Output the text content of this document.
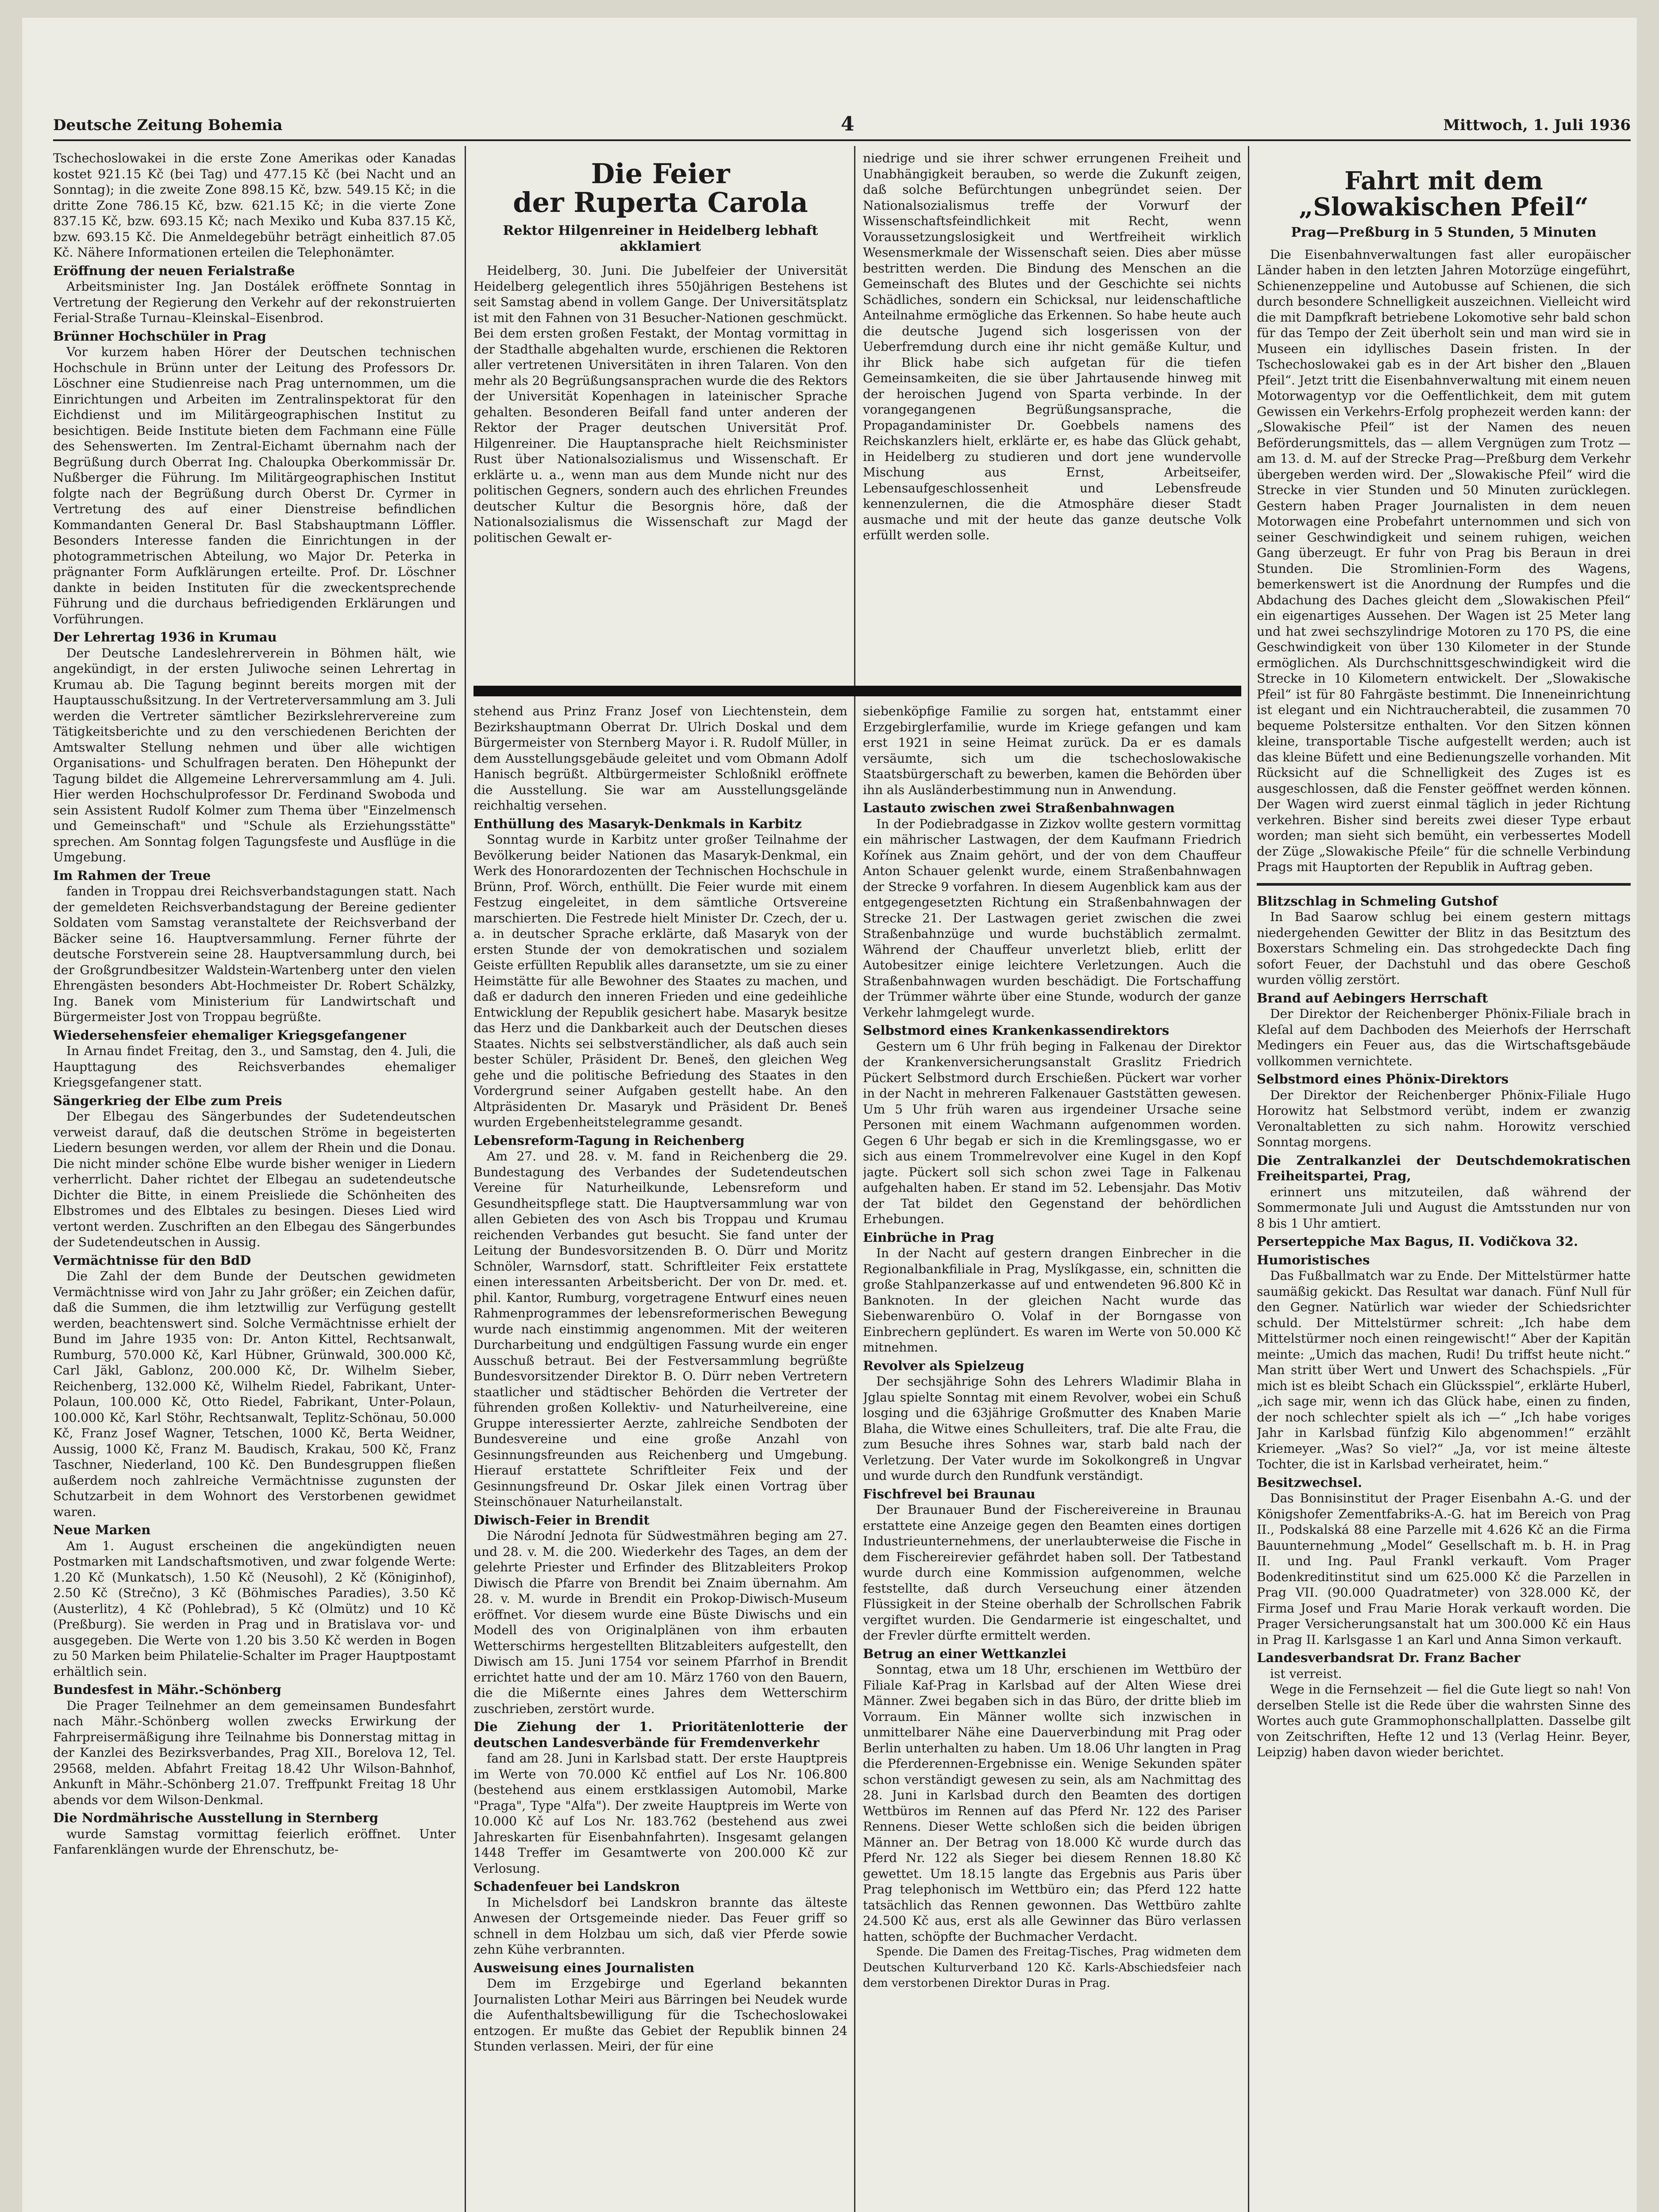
Deutsche Zeitung Bohemia	4	Mittwoch, 1. Juli 1936

Tschechoslowakei in die erste Zone Amerikas oder Kanadas kostet 921.15 Kč (bei Tag) und 477.15 Kč (bei Nacht und an Sonntag); in die zweite Zone 898.15 Kč, bzw. 549.15 Kč; in die dritte Zone 786.15 Kč, bzw. 621.15 Kč; in die vierte Zone 837.15 Kč, bzw. 693.15 Kč; nach Mexiko und Kuba 837.15 Kč, bzw. 693.15 Kč. Die Anmeldegebühr beträgt einheitlich 87.05 Kč. Nähere Informationen erteilen die Telephonämter.

Eröffnung der neuen Ferialstraße

Arbeitsminister Ing. Jan Dostálek eröffnete Sonntag in Vertretung der Regierung den Verkehr auf der rekonstruierten Ferial-Straße Turnau–Kleinskal–Eisenbrod.

Brünner Hochschüler in Prag

Vor kurzem haben Hörer der Deutschen technischen Hochschule in Brünn unter der Leitung des Professors Dr. Löschner eine Studienreise nach Prag unternommen, um die Einrichtungen und Arbeiten im Zentralinspektorat für den Eichdienst und im Militärgeographischen Institut zu besichtigen. Beide Institute bieten dem Fachmann eine Fülle des Sehenswerten. Im Zentral-Eichamt übernahm nach der Begrüßung durch Oberrat Ing. Chaloupka Oberkommissär Dr. Nußberger die Führung. Im Militärgeographischen Institut folgte nach der Begrüßung durch Oberst Dr. Cyrmer in Vertretung des auf einer Dienstreise befindlichen Kommandanten General Dr. Basl Stabshauptmann Löffler. Besonders Interesse fanden die Einrichtungen in der photogrammetrischen Abteilung, wo Major Dr. Peterka in prägnanter Form Aufklärungen erteilte. Prof. Dr. Löschner dankte in beiden Instituten für die zweckentsprechende Führung und die durchaus befriedigenden Erklärungen und Vorführungen.

Der Lehrertag 1936 in Krumau

Der Deutsche Landeslehrerverein in Böhmen hält, wie angekündigt, in der ersten Juliwoche seinen Lehrertag in Krumau ab. Die Tagung beginnt bereits morgen mit der Hauptausschußsitzung. In der Vertreterversammlung am 3. Juli werden die Vertreter sämtlicher Bezirkslehrervereine zum Tätigkeitsberichte und zu den verschiedenen Berichten der Amtswalter Stellung nehmen und über alle wichtigen Organisations- und Schulfragen beraten. Den Höhepunkt der Tagung bildet die Allgemeine Lehrerversammlung am 4. Juli. Hier werden Hochschulprofessor Dr. Ferdinand Swoboda und sein Assistent Rudolf Kolmer zum Thema über "Einzelmensch und Gemeinschaft" und "Schule als Erziehungsstätte" sprechen. Am Sonntag folgen Tagungsfeste und Ausflüge in die Umgebung.

Im Rahmen der Treue

fanden in Troppau drei Reichsverbandstagungen statt. Nach der gemeldeten Reichsverbandstagung der Bereine gedienter Soldaten vom Samstag veranstaltete der Reichsverband der Bäcker seine 16. Hauptversammlung. Ferner führte der deutsche Forstverein seine 28. Hauptversammlung durch, bei der Großgrundbesitzer Waldstein-Wartenberg unter den vielen Ehrengästen besonders Abt-Hochmeister Dr. Robert Schälzky, Ing. Banek vom Ministerium für Landwirtschaft und Bürgermeister Jost von Troppau begrüßte.

Wiedersehensfeier ehemaliger Kriegsgefangener

In Arnau findet Freitag, den 3., und Samstag, den 4. Juli, die Haupttagung des Reichsverbandes ehemaliger Kriegsgefangener statt.

Sängerkrieg der Elbe zum Preis

Der Elbegau des Sängerbundes der Sudetendeutschen verweist darauf, daß die deutschen Ströme in begeisterten Liedern besungen werden, vor allem der Rhein und die Donau. Die nicht minder schöne Elbe wurde bisher weniger in Liedern verherrlicht. Daher richtet der Elbegau an sudetendeutsche Dichter die Bitte, in einem Preisliede die Schönheiten des Elbstromes und des Elbtales zu besingen. Dieses Lied wird vertont werden. Zuschriften an den Elbegau des Sängerbundes der Sudetendeutschen in Aussig.

Vermächtnisse für den BdD

Die Zahl der dem Bunde der Deutschen gewidmeten Vermächtnisse wird von Jahr zu Jahr größer; ein Zeichen dafür, daß die Summen, die ihm letztwillig zur Verfügung gestellt werden, beachtenswert sind. Solche Vermächtnisse erhielt der Bund im Jahre 1935 von: Dr. Anton Kittel, Rechtsanwalt, Rumburg, 570.000 Kč, Karl Hübner, Grünwald, 300.000 Kč, Carl Jäkl, Gablonz, 200.000 Kč, Dr. Wilhelm Sieber, Reichenberg, 132.000 Kč, Wilhelm Riedel, Fabrikant, Unter-Polaun, 100.000 Kč, Otto Riedel, Fabrikant, Unter-Polaun, 100.000 Kč, Karl Stöhr, Rechtsanwalt, Teplitz-Schönau, 50.000 Kč, Franz Josef Wagner, Tetschen, 1000 Kč, Berta Weidner, Aussig, 1000 Kč, Franz M. Baudisch, Krakau, 500 Kč, Franz Taschner, Niederland, 100 Kč. Den Bundesgruppen fließen außerdem noch zahlreiche Vermächtnisse zugunsten der Schutzarbeit in dem Wohnort des Verstorbenen gewidmet waren.

Neue Marken

Am 1. August erscheinen die angekündigten neuen Postmarken mit Landschaftsmotiven, und zwar folgende Werte: 1.20 Kč (Munkatsch), 1.50 Kč (Neusohl), 2 Kč (Königinhof), 2.50 Kč (Strečno), 3 Kč (Böhmisches Paradies), 3.50 Kč (Austerlitz), 4 Kč (Pohlebrad), 5 Kč (Olmütz) und 10 Kč (Preßburg). Sie werden in Prag und in Bratislava vor- und ausgegeben. Die Werte von 1.20 bis 3.50 Kč werden in Bogen zu 50 Marken beim Philatelie-Schalter im Prager Hauptpostamt erhältlich sein.

Bundesfest in Mähr.-Schönberg

Die Prager Teilnehmer an dem gemeinsamen Bundesfahrt nach Mähr.-Schönberg wollen zwecks Erwirkung der Fahrpreisermäßigung ihre Teilnahme bis Donnerstag mittag in der Kanzlei des Bezirksverbandes, Prag XII., Borelova 12, Tel. 29568, melden. Abfahrt Freitag 18.42 Uhr Wilson-Bahnhof, Ankunft in Mähr.-Schönberg 21.07. Treffpunkt Freitag 18 Uhr abends vor dem Wilson-Denkmal.

Die Nordmährische Ausstellung in Sternberg

wurde Samstag vormittag feierlich eröffnet. Unter Fanfarenklängen wurde der Ehrenschutz, be-

Die Feier
der Ruperta Carola
Rektor Hilgenreiner in Heidelberg lebhaft akklamiert

Heidelberg, 30. Juni. Die Jubelfeier der Universität Heidelberg gelegentlich ihres 550jährigen Bestehens ist seit Samstag abend in vollem Gange. Der Universitätsplatz ist mit den Fahnen von 31 Besucher-Nationen geschmückt. Bei dem ersten großen Festakt, der Montag vormittag in der Stadthalle abgehalten wurde, erschienen die Rektoren aller vertretenen Universitäten in ihren Talaren. Von den mehr als 20 Begrüßungsansprachen wurde die des Rektors der Universität Kopenhagen in lateinischer Sprache gehalten. Besonderen Beifall fand unter anderen der Rektor der Prager deutschen Universität Prof. Hilgenreiner. Die Hauptansprache hielt Reichsminister Rust über Nationalsozialismus und Wissenschaft. Er erklärte u. a., wenn man aus dem Munde nicht nur des politischen Gegners, sondern auch des ehrlichen Freundes deutscher Kultur die Besorgnis höre, daß der Nationalsozialismus die Wissenschaft zur Magd der politischen Gewalt er-

niedrige und sie ihrer schwer errungenen Freiheit und Unabhängigkeit berauben, so werde die Zukunft zeigen, daß solche Befürchtungen unbegründet seien. Der Nationalsozialismus treffe der Vorwurf der Wissenschaftsfeindlichkeit mit Recht, wenn Voraussetzungslosigkeit und Wertfreiheit wirklich Wesensmerkmale der Wissenschaft seien. Dies aber müsse bestritten werden. Die Bindung des Menschen an die Gemeinschaft des Blutes und der Geschichte sei nichts Schädliches, sondern ein Schicksal, nur leidenschaftliche Anteilnahme ermögliche das Erkennen. So habe heute auch die deutsche Jugend sich losgerissen von der Ueberfremdung durch eine ihr nicht gemäße Kultur, und ihr Blick habe sich aufgetan für die tiefen Gemeinsamkeiten, die sie über Jahrtausende hinweg mit der heroischen Jugend von Sparta verbinde. In der vorangegangenen Begrüßungsansprache, die Propagandaminister Dr. Goebbels namens des Reichskanzlers hielt, erklärte er, es habe das Glück gehabt, in Heidelberg zu studieren und dort jene wundervolle Mischung aus Ernst, Arbeitseifer, Lebensaufgeschlossenheit und Lebensfreude kennenzulernen, die die Atmosphäre dieser Stadt ausmache und mit der heute das ganze deutsche Volk erfüllt werden solle.

stehend aus Prinz Franz Josef von Liechtenstein, dem Bezirkshauptmann Oberrat Dr. Ulrich Doskal und dem Bürgermeister von Sternberg Mayor i. R. Rudolf Müller, in dem Ausstellungsgebäude geleitet und vom Obmann Adolf Hanisch begrüßt. Altbürgermeister Schloßnikl eröffnete die Ausstellung. Sie war am Ausstellungsgelände reichhaltig versehen.

Enthüllung des Masaryk-Denkmals in Karbitz

Sonntag wurde in Karbitz unter großer Teilnahme der Bevölkerung beider Nationen das Masaryk-Denkmal, ein Werk des Honorardozenten der Technischen Hochschule in Brünn, Prof. Wörch, enthüllt. Die Feier wurde mit einem Festzug eingeleitet, in dem sämtliche Ortsvereine marschierten. Die Festrede hielt Minister Dr. Czech, der u. a. in deutscher Sprache erklärte, daß Masaryk von der ersten Stunde der von demokratischen und sozialem Geiste erfüllten Republik alles daransetzte, um sie zu einer Heimstätte für alle Bewohner des Staates zu machen, und daß er dadurch den inneren Frieden und eine gedeihliche Entwicklung der Republik gesichert habe. Masaryk besitze das Herz und die Dankbarkeit auch der Deutschen dieses Staates. Nichts sei selbstverständlicher, als daß auch sein bester Schüler, Präsident Dr. Beneš, den gleichen Weg gehe und die politische Befriedung des Staates in den Vordergrund seiner Aufgaben gestellt habe. An den Altpräsidenten Dr. Masaryk und Präsident Dr. Beneš wurden Ergebenheitstelegramme gesandt.

Lebensreform-Tagung in Reichenberg

Am 27. und 28. v. M. fand in Reichenberg die 29. Bundestagung des Verbandes der Sudetendeutschen Vereine für Naturheilkunde, Lebensreform und Gesundheitspflege statt. Die Hauptversammlung war von allen Gebieten des von Asch bis Troppau und Krumau reichenden Verbandes gut besucht. Sie fand unter der Leitung der Bundesvorsitzenden B. O. Dürr und Moritz Schnöler, Warnsdorf, statt. Schriftleiter Feix erstattete einen interessanten Arbeitsbericht. Der von Dr. med. et. phil. Kantor, Rumburg, vorgetragene Entwurf eines neuen Rahmenprogrammes der lebensreformerischen Bewegung wurde nach einstimmig angenommen. Mit der weiteren Durcharbeitung und endgültigen Fassung wurde ein enger Ausschuß betraut. Bei der Festversammlung begrüßte Bundesvorsitzender Direktor B. O. Dürr neben Vertretern staatlicher und städtischer Behörden die Vertreter der führenden großen Kollektiv- und Naturheilvereine, eine Gruppe interessierter Aerzte, zahlreiche Sendboten der Bundesvereine und eine große Anzahl von Gesinnungsfreunden aus Reichenberg und Umgebung. Hierauf erstattete Schriftleiter Feix und der Gesinnungsfreund Dr. Oskar Jilek einen Vortrag über Steinschönauer Naturheilanstalt.

Diwisch-Feier in Brendit

Die Národní Jednota für Südwestmähren beging am 27. und 28. v. M. die 200. Wiederkehr des Tages, an dem der gelehrte Priester und Erfinder des Blitzableiters Prokop Diwisch die Pfarre von Brendit bei Znaim übernahm. Am 28. v. M. wurde in Brendit ein Prokop-Diwisch-Museum eröffnet. Vor diesem wurde eine Büste Diwischs und ein Modell des von Originalplänen von ihm erbauten Wetterschirms hergestellten Blitzableiters aufgestellt, den Diwisch am 15. Juni 1754 vor seinem Pfarrhof in Brendit errichtet hatte und der am 10. März 1760 von den Bauern, die die Mißernte eines Jahres dem Wetterschirm zuschrieben, zerstört wurde.

Die Ziehung der 1. Prioritätenlotterie der deutschen Landesverbände für Fremdenverkehr

fand am 28. Juni in Karlsbad statt. Der erste Hauptpreis im Werte von 70.000 Kč entfiel auf Los Nr. 106.800 (bestehend aus einem erstklassigen Automobil, Marke "Praga", Type "Alfa"). Der zweite Hauptpreis im Werte von 10.000 Kč auf Los Nr. 183.762 (bestehend aus zwei Jahreskarten für Eisenbahnfahrten). Insgesamt gelangen 1448 Treffer im Gesamtwerte von 200.000 Kč zur Verlosung.

Schadenfeuer bei Landskron

In Michelsdorf bei Landskron brannte das älteste Anwesen der Ortsgemeinde nieder. Das Feuer griff so schnell in dem Holzbau um sich, daß vier Pferde sowie zehn Kühe verbrannten.

Ausweisung eines Journalisten

Dem im Erzgebirge und Egerland bekannten Journalisten Lothar Meiri aus Bärringen bei Neudek wurde die Aufenthaltsbewilligung für die Tschechoslowakei entzogen. Er mußte das Gebiet der Republik binnen 24 Stunden verlassen. Meiri, der für eine

siebenköpfige Familie zu sorgen hat, entstammt einer Erzgebirglerfamilie, wurde im Kriege gefangen und kam erst 1921 in seine Heimat zurück. Da er es damals versäumte, sich um die tschechoslowakische Staatsbürgerschaft zu bewerben, kamen die Behörden über ihn als Ausländerbestimmung nun in Anwendung.

Lastauto zwischen zwei Straßenbahnwagen

In der Podiebradgasse in Zizkov wollte gestern vormittag ein mährischer Lastwagen, der dem Kaufmann Friedrich Kořínek aus Znaim gehört, und der von dem Chauffeur Anton Schauer gelenkt wurde, einem Straßenbahnwagen der Strecke 9 vorfahren. In diesem Augenblick kam aus der entgegengesetzten Richtung ein Straßenbahnwagen der Strecke 21. Der Lastwagen geriet zwischen die zwei Straßenbahnzüge und wurde buchstäblich zermalmt. Während der Chauffeur unverletzt blieb, erlitt der Autobesitzer einige leichtere Verletzungen. Auch die Straßenbahnwagen wurden beschädigt. Die Fortschaffung der Trümmer währte über eine Stunde, wodurch der ganze Verkehr lahmgelegt wurde.

Selbstmord eines Krankenkassendirektors

Gestern um 6 Uhr früh beging in Falkenau der Direktor der Krankenversicherungsanstalt Graslitz Friedrich Pückert Selbstmord durch Erschießen. Pückert war vorher in der Nacht in mehreren Falkenauer Gaststätten gewesen. Um 5 Uhr früh waren aus irgendeiner Ursache seine Personen mit einem Wachmann aufgenommen worden. Gegen 6 Uhr begab er sich in die Kremlingsgasse, wo er sich aus einem Trommelrevolver eine Kugel in den Kopf jagte. Pückert soll sich schon zwei Tage in Falkenau aufgehalten haben. Er stand im 52. Lebensjahr. Das Motiv der Tat bildet den Gegenstand der behördlichen Erhebungen.

Einbrüche in Prag

In der Nacht auf gestern drangen Einbrecher in die Regionalbankfiliale in Prag, Myslíkgasse, ein, schnitten die große Stahlpanzerkasse auf und entwendeten 96.800 Kč in Banknoten. In der gleichen Nacht wurde das Siebenwarenbüro O. Volaf in der Borngasse von Einbrechern geplündert. Es waren im Werte von 50.000 Kč mitnehmen.

Revolver als Spielzeug

Der sechsjährige Sohn des Lehrers Wladimir Blaha in Jglau spielte Sonntag mit einem Revolver, wobei ein Schuß losging und die 63jährige Großmutter des Knaben Marie Blaha, die Witwe eines Schulleiters, traf. Die alte Frau, die zum Besuche ihres Sohnes war, starb bald nach der Verletzung. Der Vater wurde im Sokolkongreß in Ungvar und wurde durch den Rundfunk verständigt.

Fischfrevel bei Braunau

Der Braunauer Bund der Fischereivereine in Braunau erstattete eine Anzeige gegen den Beamten eines dortigen Industrieunternehmens, der unerlaubterweise die Fische in dem Fischereirevier gefährdet haben soll. Der Tatbestand wurde durch eine Kommission aufgenommen, welche feststellte, daß durch Verseuchung einer ätzenden Flüssigkeit in der Steine oberhalb der Schrollschen Fabrik vergiftet wurden. Die Gendarmerie ist eingeschaltet, und der Frevler dürfte ermittelt werden.

Betrug an einer Wettkanzlei

Sonntag, etwa um 18 Uhr, erschienen im Wettbüro der Filiale Kaf-Prag in Karlsbad auf der Alten Wiese drei Männer. Zwei begaben sich in das Büro, der dritte blieb im Vorraum. Ein Männer wollte sich inzwischen in unmittelbarer Nähe eine Dauerverbindung mit Prag oder Berlin unterhalten zu haben. Um 18.06 Uhr langten in Prag die Pferderennen-Ergebnisse ein. Wenige Sekunden später schon verständigt gewesen zu sein, als am Nachmittag des 28. Juni in Karlsbad durch den Beamten des dortigen Wettbüros im Rennen auf das Pferd Nr. 122 des Pariser Rennens. Dieser Wette schloßen sich die beiden übrigen Männer an. Der Betrag von 18.000 Kč wurde durch das Pferd Nr. 122 als Sieger bei diesem Rennen 18.80 Kč gewettet. Um 18.15 langte das Ergebnis aus Paris über Prag telephonisch im Wettbüro ein; das Pferd 122 hatte tatsächlich das Rennen gewonnen. Das Wettbüro zahlte 24.500 Kč aus, erst als alle Gewinner das Büro verlassen hatten, schöpfte der Buchmacher Verdacht.

Spende. Die Damen des Freitag-Tisches, Prag widmeten dem Deutschen Kulturverband 120 Kč. Karls-Abschiedsfeier nach dem verstorbenen Direktor Duras in Prag.

Fahrt mit dem
„Slowakischen Pfeil“
Prag—Preßburg in 5 Stunden, 5 Minuten

Die Eisenbahnverwaltungen fast aller europäischer Länder haben in den letzten Jahren Motorzüge eingeführt, Schienenzeppeline und Autobusse auf Schienen, die sich durch besondere Schnelligkeit auszeichnen. Vielleicht wird die mit Dampfkraft betriebene Lokomotive sehr bald schon für das Tempo der Zeit überholt sein und man wird sie in Museen ein idyllisches Dasein fristen. In der Tschechoslowakei gab es in der Art bisher den „Blauen Pfeil“. Jetzt tritt die Eisenbahnverwaltung mit einem neuen Motorwagentyp vor die Oeffentlichkeit, dem mit gutem Gewissen ein Verkehrs-Erfolg prophezeit werden kann: der „Slowakische Pfeil“ ist der Namen des neuen Beförderungsmittels, das — allem Vergnügen zum Trotz — am 13. d. M. auf der Strecke Prag—Preßburg dem Verkehr übergeben werden wird. Der „Slowakische Pfeil“ wird die Strecke in vier Stunden und 50 Minuten zurücklegen. Gestern haben Prager Journalisten in dem neuen Motorwagen eine Probefahrt unternommen und sich von seiner Geschwindigkeit und seinem ruhigen, weichen Gang überzeugt. Er fuhr von Prag bis Beraun in drei Stunden. Die Stromlinien-Form des Wagens, bemerkenswert ist die Anordnung der Rumpfes und die Abdachung des Daches gleicht dem „Slowakischen Pfeil“ ein eigenartiges Aussehen. Der Wagen ist 25 Meter lang und hat zwei sechszylindrige Motoren zu 170 PS, die eine Geschwindigkeit von über 130 Kilometer in der Stunde ermöglichen. Als Durchschnittsgeschwindigkeit wird die Strecke in 10 Kilometern entwickelt. Der „Slowakische Pfeil“ ist für 80 Fahrgäste bestimmt. Die Inneneinrichtung ist elegant und ein Nichtraucherabteil, die zusammen 70 bequeme Polstersitze enthalten. Vor den Sitzen können kleine, transportable Tische aufgestellt werden; auch ist das kleine Büfett und eine Bedienungszelle vorhanden. Mit Rücksicht auf die Schnelligkeit des Zuges ist es ausgeschlossen, daß die Fenster geöffnet werden können. Der Wagen wird zuerst einmal täglich in jeder Richtung verkehren. Bisher sind bereits zwei dieser Type erbaut worden; man sieht sich bemüht, ein verbessertes Modell der Züge „Slowakische Pfeile“ für die schnelle Verbindung Prags mit Hauptorten der Republik in Auftrag geben.

Blitzschlag in Schmeling Gutshof

In Bad Saarow schlug bei einem gestern mittags niedergehenden Gewitter der Blitz in das Besitztum des Boxerstars Schmeling ein. Das strohgedeckte Dach fing sofort Feuer, der Dachstuhl und das obere Geschoß wurden völlig zerstört.

Brand auf Aebingers Herrschaft

Der Direktor der Reichenberger Phönix-Filiale brach in Kleſal auf dem Dachboden des Meierhofs der Herrschaft Medingers ein Feuer aus, das die Wirtschaftsgebäude vollkommen vernichtete.

Selbstmord eines Phönix-Direktors

Der Direktor der Reichenberger Phönix-Filiale Hugo Horowitz hat Selbstmord verübt, indem er zwanzig Veronaltabletten zu sich nahm. Horowitz verschied Sonntag morgens.

Die Zentralkanzlei der Deutschdemokratischen Freiheitspartei, Prag,

erinnert uns mitzuteilen, daß während der Sommermonate Juli und August die Amtsstunden nur von 8 bis 1 Uhr amtiert.

Perserteppiche Max Bagus, II. Vodičkova 32.
Humoristisches

Das Fußballmatch war zu Ende. Der Mittelstürmer hatte saumäßig gekickt. Das Resultat war danach. Fünf Null für den Gegner. Natürlich war wieder der Schiedsrichter schuld. Der Mittelstürmer schreit: „Ich habe dem Mittelstürmer noch einen reingewischt!“ Aber der Kapitän meinte: „Umich das machen, Rudi! Du triffst heute nicht.“ Man stritt über Wert und Unwert des Schachspiels. „Für mich ist es bleibt Schach ein Glücksspiel“, erklärte Huberl, „ich sage mir, wenn ich das Glück habe, einen zu finden, der noch schlechter spielt als ich —“ „Ich habe voriges Jahr in Karlsbad fünfzig Kilo abgenommen!“ erzählt Kriemeyer. „Was? So viel?“ „Ja, vor ist meine älteste Tochter, die ist in Karlsbad verheiratet, heim.“

Besitzwechsel.

Das Bonnisinstitut der Prager Eisenbahn A.-G. und der Königshofer Zementfabriks-A.-G. hat im Bereich von Prag II., Podskalská 88 eine Parzelle mit 4.626 Kč an die Firma Bauunternehmung „Model“ Gesellschaft m. b. H. in Prag II. und Ing. Paul Frankl verkauft. Vom Prager Bodenkreditinstitut sind um 625.000 Kč die Parzellen in Prag VII. (90.000 Quadratmeter) von 328.000 Kč, der Firma Josef und Frau Marie Horak verkauft worden. Die Prager Versicherungsanstalt hat um 300.000 Kč ein Haus in Prag II. Karlsgasse 1 an Karl und Anna Simon verkauft.

Landesverbandsrat Dr. Franz Bacher

ist verreist.

Wege in die Fernsehzeit — fiel die Gute liegt so nah! Von derselben Stelle ist die Rede über die wahrsten Sinne des Wortes auch gute Grammophonschallplatten. Dasselbe gilt von Zeitschriften, Hefte 12 und 13 (Verlag Heinr. Beyer, Leipzig) haben davon wieder berichtet.
